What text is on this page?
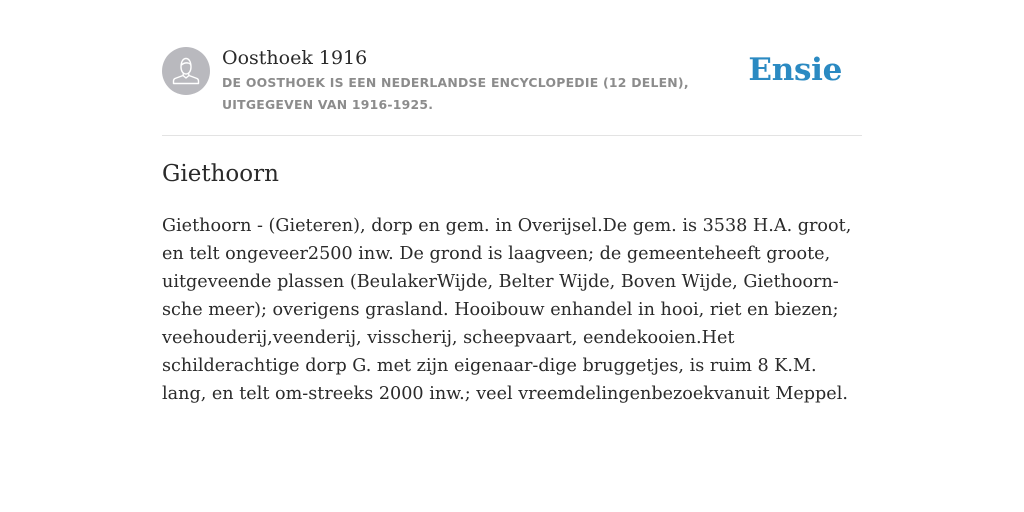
Oosthoek 1916
DE OOSTHOEK IS EEN NEDERLANDSE ENCYCLOPEDIE (12 DELEN), UITGEGEVEN VAN 1916-1925.
Ensie
Giethoorn

Giethoorn - (Gieteren), dorp en gem. in Overijsel.De gem. is 3538 H.A. groot, en telt ongeveer2500 inw. De grond is laagveen; de gemeenteheeft groote, uitgeveende plassen (BeulakerWijde, Belter Wijde, Boven Wijde, Giethoorn-sche meer); overigens grasland. Hooibouw enhandel in hooi, riet en biezen; veehouderij,veenderij, visscherij, scheepvaart, eendekooien.Het schilderachtige dorp G. met zijn eigenaar-dige bruggetjes, is ruim 8 K.M. lang, en telt om-streeks 2000 inw.; veel vreemdelingenbezoekvanuit Meppel.
